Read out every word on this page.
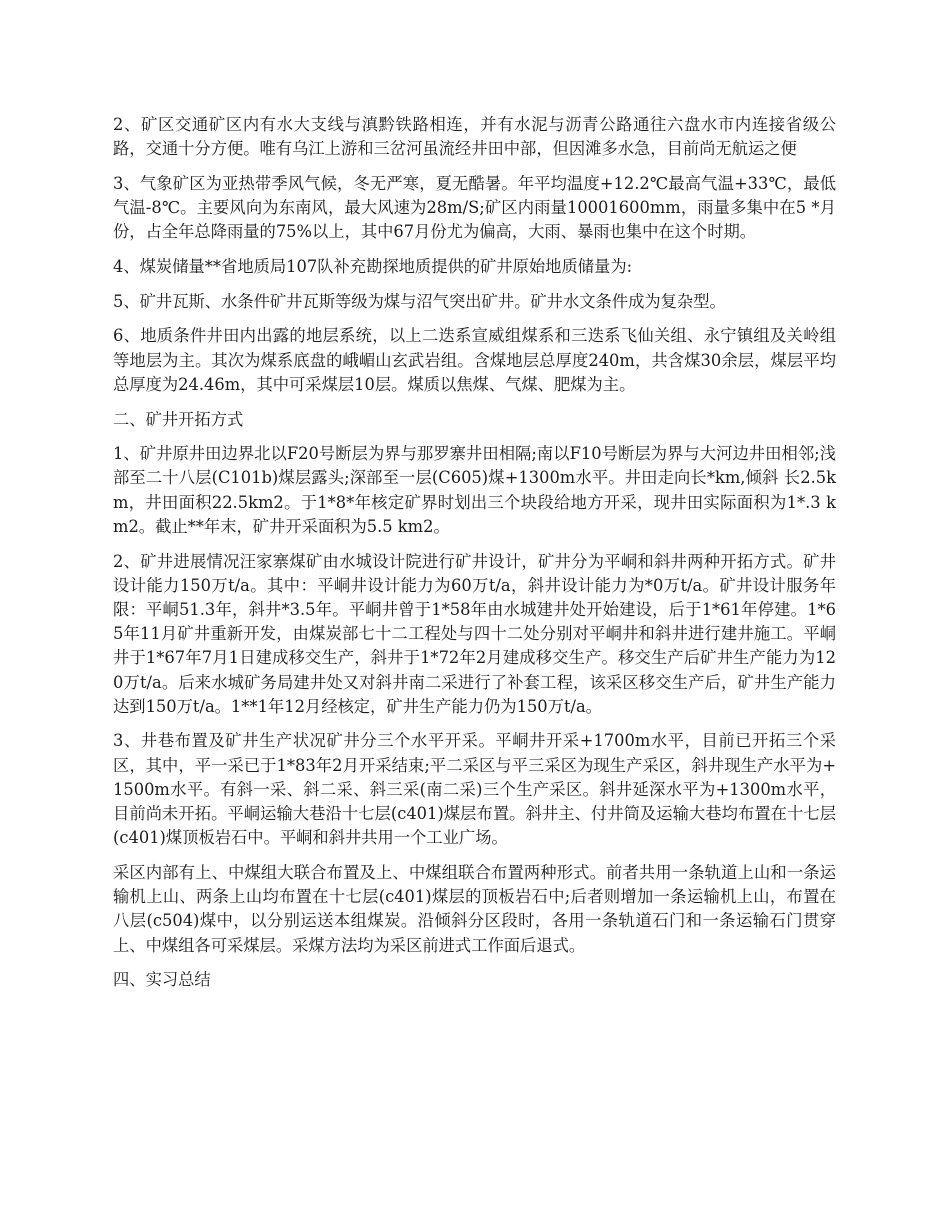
2、矿区交通矿区内有水大支线与滇黔铁路相连，并有水泥与沥青公路通往六盘水市内连接省级公路，交通十分方便。唯有乌江上游和三岔河虽流经井田中部，但因滩多水急，目前尚无航运之便

3、气象矿区为亚热带季风气候，冬无严寒，夏无酷暑。年平均温度+12.2℃最高气温+33℃，最低气温-8℃。主要风向为东南风，最大风速为28m/S;矿区内雨量10001600mm，雨量多集中在5 *月份，占全年总降雨量的75%以上，其中67月份尤为偏高，大雨、暴雨也集中在这个时期。

4、煤炭储量**省地质局107队补充勘探地质提供的矿井原始地质储量为:

5、矿井瓦斯、水条件矿井瓦斯等级为煤与沼气突出矿井。矿井水文条件成为复杂型。

6、地质条件井田内出露的地层系统，以上二迭系宣威组煤系和三迭系飞仙关组、永宁镇组及关岭组等地层为主。其次为煤系底盘的峨嵋山玄武岩组。含煤地层总厚度240m，共含煤30余层，煤层平均总厚度为24.46m，其中可采煤层10层。煤质以焦煤、气煤、肥煤为主。

二、矿井开拓方式

1、矿井原井田边界北以F20号断层为界与那罗寨井田相隔;南以F10号断层为界与大河边井田相邻;浅部至二十八层(C101b)煤层露头;深部至一层(C605)煤+1300m水平。井田走向长*km,倾斜 长2.5km，井田面积22.5km2。于1*8*年核定矿界时划出三个块段给地方开采，现井田实际面积为1*.3 km2。截止**年末，矿井开采面积为5.5 km2。

2、矿井进展情况汪家寨煤矿由水城设计院进行矿井设计，矿井分为平峒和斜井两种开拓方式。矿井设计能力150万t/a。其中：平峒井设计能力为60万t/a，斜井设计能力为*0万t/a。矿井设计服务年限：平峒51.3年，斜井*3.5年。平峒井曾于1*58年由水城建井处开始建设，后于1*61年停建。1*65年11月矿井重新开发，由煤炭部七十二工程处与四十二处分别对平峒井和斜井进行建井施工。平峒井于1*67年7月1日建成移交生产，斜井于1*72年2月建成移交生产。移交生产后矿井生产能力为120万t/a。后来水城矿务局建井处又对斜井南二采进行了补套工程，该采区移交生产后，矿井生产能力达到150万t/a。1**1年12月经核定，矿井生产能力仍为150万t/a。

3、井巷布置及矿井生产状况矿井分三个水平开采。平峒井开采+1700m水平，目前已开拓三个采区，其中，平一采已于1*83年2月开采结束;平二采区与平三采区为现生产采区，斜井现生产水平为+1500m水平。有斜一采、斜二采、斜三采(南二采)三个生产采区。斜井延深水平为+1300m水平，目前尚未开拓。平峒运输大巷沿十七层(c401)煤层布置。斜井主、付井筒及运输大巷均布置在十七层(c401)煤顶板岩石中。平峒和斜井共用一个工业广场。

采区内部有上、中煤组大联合布置及上、中煤组联合布置两种形式。前者共用一条轨道上山和一条运输机上山、两条上山均布置在十七层(c401)煤层的顶板岩石中;后者则增加一条运输机上山，布置在八层(c504)煤中，以分别运送本组煤炭。沿倾斜分区段时，各用一条轨道石门和一条运输石门贯穿上、中煤组各可采煤层。采煤方法均为采区前进式工作面后退式。

四、实习总结
